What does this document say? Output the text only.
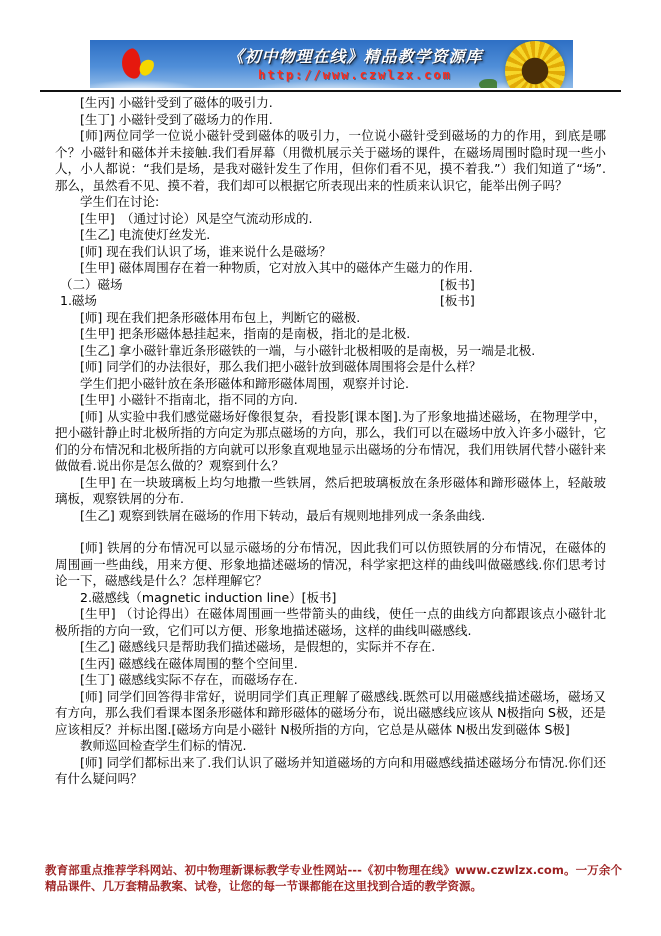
《初中物理在线》精品教学资源库
http://www.czwlzx.com

[生丙] 小磁针受到了磁体的吸引力.

[生丁] 小磁针受到了磁场力的作用.

[师]两位同学一位说小磁针受到磁体的吸引力，一位说小磁针受到磁场的力的作用，到底是哪个？小磁针和磁体并未接触.我们看屏幕（用微机展示关于磁场的课件，在磁场周围时隐时现一些小人，小人都说：“我们是场，是我对磁针发生了作用，但你们看不见，摸不着我.”）我们知道了“场”.那么，虽然看不见、摸不着，我们却可以根据它所表现出来的性质来认识它，能举出例子吗？

学生们在讨论:

[生甲]　（通过讨论）风是空气流动形成的.

[生乙] 电流使灯丝发光.

[师] 现在我们认识了场，谁来说什么是磁场？

[生甲] 磁体周围存在着一种物质，它对放入其中的磁体产生磁力的作用.

（二）磁场	[板书]

1.磁场	[板书]

[师] 现在我们把条形磁体用布包上，判断它的磁极.

[生甲] 把条形磁体悬挂起来，指南的是南极，指北的是北极.

[生乙] 拿小磁针靠近条形磁铁的一端，与小磁针北极相吸的是南极，另一端是北极.

[师] 同学们的办法很好，那么我们把小磁针放到磁体周围将会是什么样？

学生们把小磁针放在条形磁体和蹄形磁体周围，观察并讨论.

[生甲] 小磁针不指南北，指不同的方向.

[师] 从实验中我们感觉磁场好像很复杂，看投影[课本图].为了形象地描述磁场，在物理学中，把小磁针静止时北极所指的方向定为那点磁场的方向，那么，我们可以在磁场中放入许多小磁针，它们的分布情况和北极所指的方向就可以形象直观地显示出磁场的分布情况，我们用铁屑代替小磁针来做做看.说出你是怎么做的？观察到什么？

[生甲] 在一块玻璃板上均匀地撒一些铁屑，然后把玻璃板放在条形磁体和蹄形磁体上，轻敲玻璃板，观察铁屑的分布.

[生乙] 观察到铁屑在磁场的作用下转动，最后有规则地排列成一条条曲线.

[师] 铁屑的分布情况可以显示磁场的分布情况，因此我们可以仿照铁屑的分布情况，在磁体的周围画一些曲线，用来方便、形象地描述磁场的情况，科学家把这样的曲线叫做磁感线.你们思考讨论一下，磁感线是什么？怎样理解它？

2.磁感线（magnetic induction line）[板书]

[生甲] （讨论得出）在磁体周围画一些带箭头的曲线，使任一点的曲线方向都跟该点小磁针北极所指的方向一致，它们可以方便、形象地描述磁场，这样的曲线叫磁感线.

[生乙] 磁感线只是帮助我们描述磁场，是假想的，实际并不存在.

[生丙] 磁感线在磁体周围的整个空间里.

[生丁] 磁感线实际不存在，而磁场存在.

[师] 同学们回答得非常好，说明同学们真正理解了磁感线.既然可以用磁感线描述磁场，磁场又有方向，那么我们看课本图条形磁体和蹄形磁体的磁场分布，说出磁感线应该从 N极指向 S极，还是应该相反？并标出图.[磁场方向是小磁针 N极所指的方向，它总是从磁体 N极出发到磁体 S极]

教师巡回检查学生们标的情况.

[师] 同学们都标出来了.我们认识了磁场并知道磁场的方向和用磁感线描述磁场分布情况.你们还有什么疑问吗？

教育部重点推荐学科网站、初中物理新课标教学专业性网站---《初中物理在线》www.czwlzx.com。一万余个精品课件、几万套精品教案、试卷，让您的每一节课都能在这里找到合适的教学资源。
